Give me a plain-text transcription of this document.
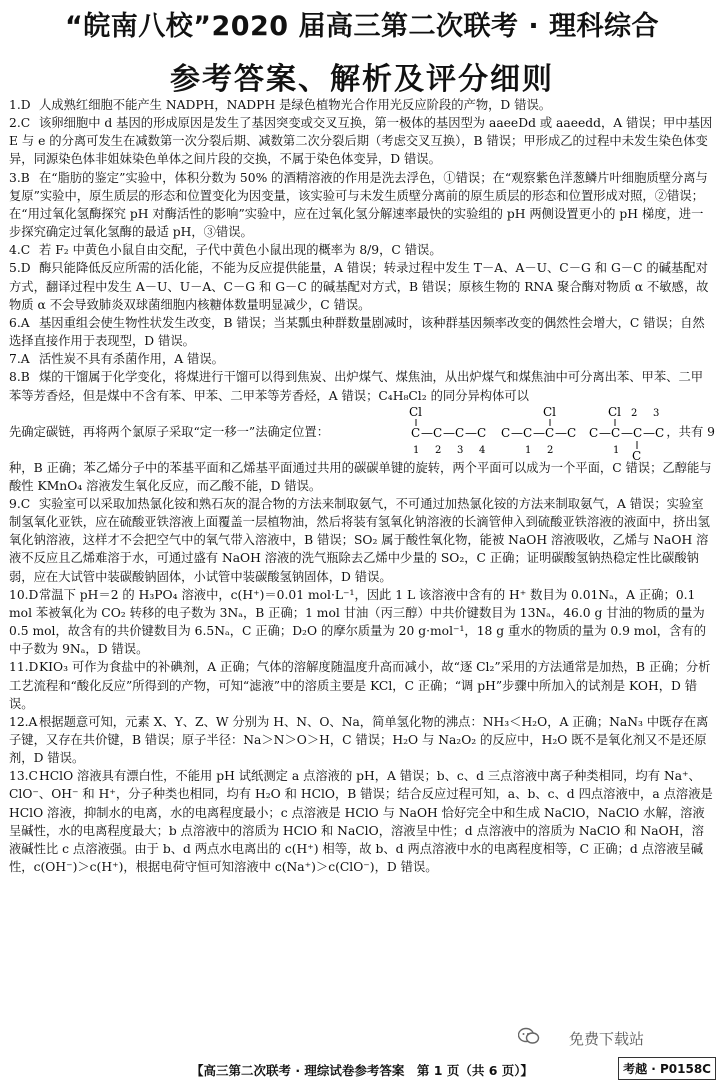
“皖南八校”2020 届高三第二次联考 · 理科综合
参考答案、解析及评分细则
1.D 人成熟红细胞不能产生 NADPH，NADPH 是绿色植物光合作用光反应阶段的产物，D 错误。
2.C 该卵细胞中 d 基因的形成原因是发生了基因突变或交叉互换，第一极体的基因型为 aaeeDd 或 aaeedd，A 错误；甲中基因 E 与 e 的分离可发生在减数第一次分裂后期、减数第二次分裂后期（考虑交叉互换），B 错误；甲形成乙的过程中未发生染色体变异，同源染色体非姐妹染色单体之间片段的交换，不属于染色体变异，D 错误。
3.B 在“脂肪的鉴定”实验中，体积分数为 50% 的酒精溶液的作用是洗去浮色，①错误；在“观察紫色洋葱鳞片叶细胞质壁分离与复原”实验中，原生质层的形态和位置变化为因变量，该实验可与未发生质壁分离前的原生质层的形态和位置形成对照，②错误；在“用过氧化氢酶探究 pH 对酶活性的影响”实验中，应在过氧化氢分解速率最快的实验组的 pH 两侧设置更小的 pH 梯度，进一步探究确定过氧化氢酶的最适 pH，③错误。
4.C 若 F₂ 中黄色小鼠自由交配，子代中黄色小鼠出现的概率为 8/9，C 错误。
5.D 酶只能降低反应所需的活化能，不能为反应提供能量，A 错误；转录过程中发生 T－A、A－U、C－G 和 G－C 的碱基配对方式，翻译过程中发生 A－U、U－A、C－G 和 G－C 的碱基配对方式，B 错误；原核生物的 RNA 聚合酶对物质 α 不敏感，故物质 α 不会导致肺炎双球菌细胞内核糖体数量明显减少，C 错误。
6.A 基因重组会使生物性状发生改变，B 错误；当某瓢虫种群数量剧减时，该种群基因频率改变的偶然性会增大，C 错误；自然选择直接作用于表现型，D 错误。
7.A 活性炭不具有杀菌作用，A 错误。
8.B 煤的干馏属于化学变化，将煤进行干馏可以得到焦炭、出炉煤气、煤焦油，从出炉煤气和煤焦油中可分离出苯、甲苯、二甲苯等芳香烃，但是煤中不含有苯、甲苯、二甲苯等芳香烃，A 错误；C₄H₈Cl₂ 的同分异构体可以
先确定碳链，再将两个氯原子采取“定一移一”法确定位置：
Cl
C — C — C — C
1 2 3 4
Cl
C — C — C — C
1 2
Cl 2 3
C — C — C — C
1 C
，共有 9
种，B 正确；苯乙烯分子中的苯基平面和乙烯基平面通过共用的碳碳单键的旋转，两个平面可以成为一个平面，C 错误；乙醇能与酸性 KMnO₄ 溶液发生氧化反应，而乙酸不能，D 错误。
9.C 实验室可以采取加热氯化铵和熟石灰的混合物的方法来制取氨气，不可通过加热氯化铵的方法来制取氨气，A 错误；实验室制氢氧化亚铁，应在硫酸亚铁溶液上面覆盖一层植物油，然后将装有氢氧化钠溶液的长滴管伸入到硫酸亚铁溶液的液面中，挤出氢氧化钠溶液，这样才不会把空气中的氧气带入溶液中，B 错误；SO₂ 属于酸性氧化物，能被 NaOH 溶液吸收，乙烯与 NaOH 溶液不反应且乙烯难溶于水，可通过盛有 NaOH 溶液的洗气瓶除去乙烯中少量的 SO₂，C 正确；证明碳酸氢钠热稳定性比碳酸钠弱，应在大试管中装碳酸钠固体，小试管中装碳酸氢钠固体，D 错误。
10.D常温下 pH＝2 的 H₃PO₄ 溶液中，c(H⁺)＝0.01 mol·L⁻¹，因此 1 L 该溶液中含有的 H⁺ 数目为 0.01Nₐ，A 正确；0.1 mol 苯被氧化为 CO₂ 转移的电子数为 3Nₐ，B 正确；1 mol 甘油（丙三醇）中共价键数目为 13Nₐ，46.0 g 甘油的物质的量为 0.5 mol，故含有的共价键数目为 6.5Nₐ，C 正确；D₂O 的摩尔质量为 20 g·mol⁻¹，18 g 重水的物质的量为 0.9 mol，含有的中子数为 9Nₐ，D 错误。
11.DKIO₃ 可作为食盐中的补碘剂，A 正确；气体的溶解度随温度升高而减小，故“逐 Cl₂”采用的方法通常是加热，B 正确；分析工艺流程和“酸化反应”所得到的产物，可知“滤液”中的溶质主要是 KCl，C 正确；“调 pH”步骤中所加入的试剂是 KOH，D 错误。
12.A 根据题意可知，元素 X、Y、Z、W 分别为 H、N、O、Na，简单氢化物的沸点：NH₃＜H₂O，A 正确；NaN₃ 中既存在离子键，又存在共价键，B 错误；原子半径：Na＞N＞O＞H，C 错误；H₂O 与 Na₂O₂ 的反应中，H₂O 既不是氧化剂又不是还原剂，D 错误。
13.CHClO 溶液具有漂白性，不能用 pH 试纸测定 a 点溶液的 pH，A 错误；b、c、d 三点溶液中离子种类相同，均有 Na⁺、ClO⁻、OH⁻ 和 H⁺，分子种类也相同，均有 H₂O 和 HClO，B 错误；结合反应过程可知，a、b、c、d 四点溶液中，a 点溶液是 HClO 溶液，抑制水的电离，水的电离程度最小；c 点溶液是 HClO 与 NaOH 恰好完全中和生成 NaClO，NaClO 水解，溶液呈碱性，水的电离程度最大；b 点溶液中的溶质为 HClO 和 NaClO，溶液呈中性；d 点溶液中的溶质为 NaClO 和 NaOH，溶液碱性比 c 点溶液强。由于 b、d 两点水电离出的 c(H⁺) 相等，故 b、d 两点溶液中水的电离程度相等，C 正确；d 点溶液呈碱性，c(OH⁻)＞c(H⁺)，根据电荷守恒可知溶液中 c(Na⁺)＞c(ClO⁻)，D 错误。
免费下载站
【高三第二次联考 · 理综试卷参考答案　第 1 页（共 6 页）】	考越 · P0158C
